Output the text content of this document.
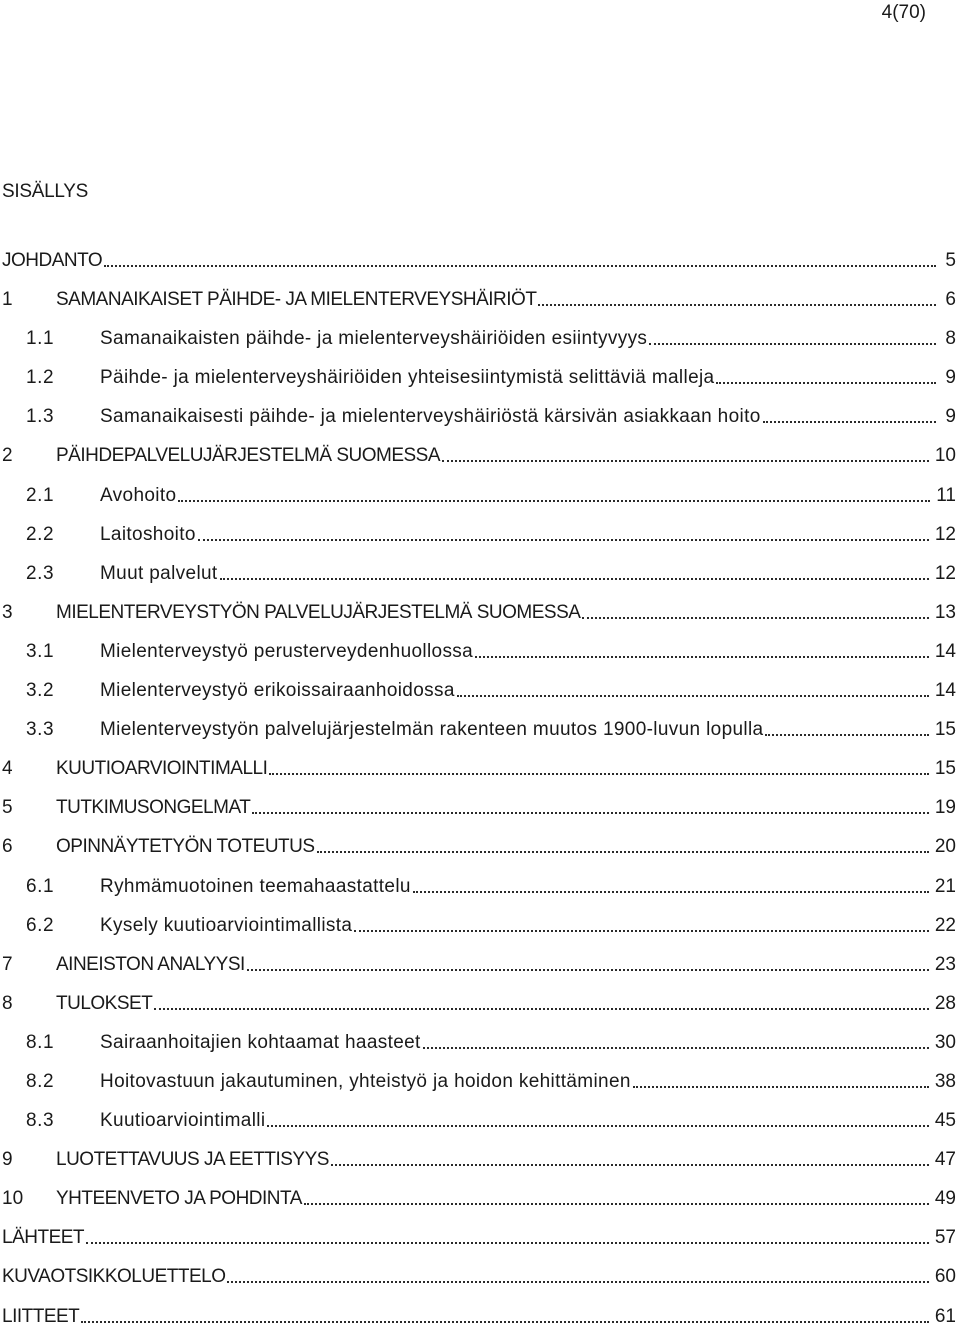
4(70)
SISÄLLYS
JOHDANTO	5
1	SAMANAIKAISET PÄIHDE- JA MIELENTERVEYSHÄIRIÖT	6
1.1	Samanaikaisten päihde- ja mielenterveyshäiriöiden esiintyvyys	8
1.2	Päihde- ja mielenterveyshäiriöiden yhteisesiintymistä selittäviä malleja	9
1.3	Samanaikaisesti päihde- ja mielenterveyshäiriöstä kärsivän asiakkaan hoito	9
2	PÄIHDEPALVELUJÄRJESTELMÄ SUOMESSA	10
2.1	Avohoito	11
2.2	Laitoshoito	12
2.3	Muut palvelut	12
3	MIELENTERVEYSTYÖN PALVELUJÄRJESTELMÄ SUOMESSA	13
3.1	Mielenterveystyö perusterveydenhuollossa	14
3.2	Mielenterveystyö erikoissairaanhoidossa	14
3.3	Mielenterveystyön palvelujärjestelmän rakenteen muutos 1900-luvun lopulla	15
4	KUUTIOARVIOINTIMALLI	15
5	TUTKIMUSONGELMAT	19
6	OPINNÄYTETYÖN TOTEUTUS	20
6.1	Ryhmämuotoinen teemahaastattelu	21
6.2	Kysely kuutioarviointimallista	22
7	AINEISTON ANALYYSI	23
8	TULOKSET	28
8.1	Sairaanhoitajien kohtaamat haasteet	30
8.2	Hoitovastuun jakautuminen, yhteistyö ja hoidon kehittäminen	38
8.3	Kuutioarviointimalli	45
9	LUOTETTAVUUS JA EETTISYYS	47
10	YHTEENVETO JA POHDINTA	49
LÄHTEET	57
KUVAOTSIKKOLUETTELO	60
LIITTEET	61
